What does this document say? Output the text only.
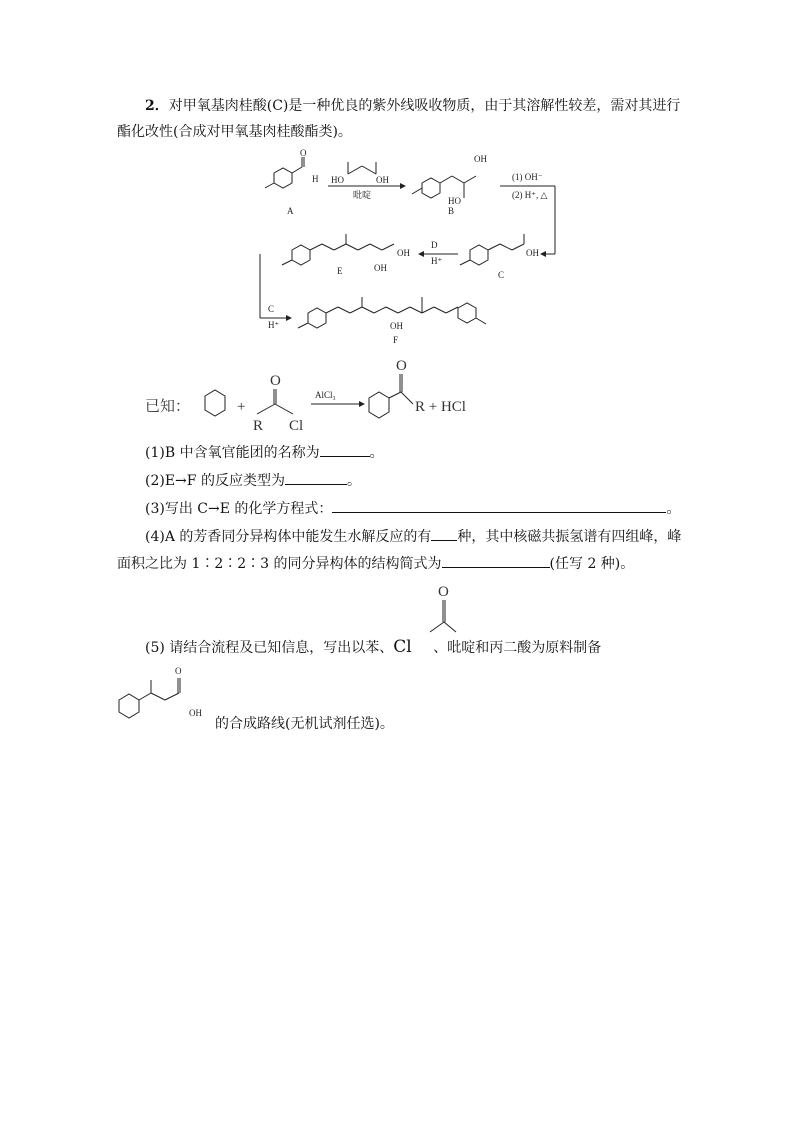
2．对甲氧基肉桂酸(C)是一种优良的紫外线吸收物质，由于其溶解性较差，需对其进行
酯化改性(合成对甲氧基肉桂酸酯类)。
O
H
A
HO	OH
吡啶
OH
HO
B
(1) OH⁻
(2) H⁺, △
OH
OH
E
D
H⁺
OH
C
C
H⁺	OH
F
已知：	+
O
R Cl
AlCl₃
O
R + HCl
(1)B 中含氧官能团的名称为	。
(2)E→F 的反应类型为	。
(3)写出 C→E 的化学方程式：	。
(4)A 的芳香同分异构体中能发生水解反应的有 种，其中核磁共振氢谱有四组峰，峰
面积之比为 1∶2∶2∶3 的同分异构体的结构简式为	(任写 2 种)。
O
(5) 请结合流程及已知信息，写出以苯、Cl 、吡啶和丙二酸为原料制备
O
OH
的合成路线(无机试剂任选)。
